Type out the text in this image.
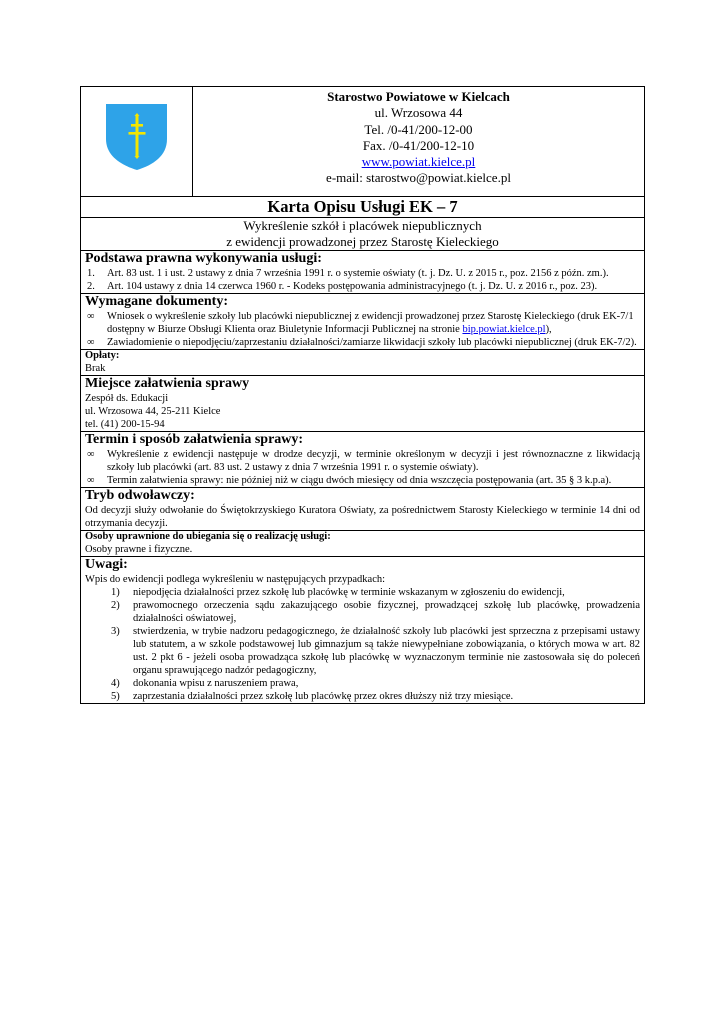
Starostwo Powiatowe w Kielcach
ul. Wrzosowa 44
Tel. /0-41/200-12-00
Fax. /0-41/200-12-10
www.powiat.kielce.pl
e-mail: starostwo@powiat.kielce.pl

Karta Opisu Usługi EK – 7

Wykreślenie szkół i placówek niepublicznych
z ewidencji prowadzonej przez Starostę Kieleckiego

Podstawa prawna wykonywania usługi:
1. Art. 83 ust. 1 i ust. 2 ustawy z dnia 7 września 1991 r. o systemie oświaty (t. j. Dz. U. z 2015 r., poz. 2156 z późn. zm.).
2. Art. 104 ustawy z dnia 14 czerwca 1960 r. - Kodeks postępowania administracyjnego (t. j. Dz. U. z 2016 r., poz. 23).

Wymagane dokumenty:
∞ Wniosek o wykreślenie szkoły lub placówki niepublicznej z ewidencji prowadzonej przez Starostę Kieleckiego (druk EK-7/1 dostępny w Biurze Obsługi Klienta oraz Biuletynie Informacji Publicznej na stronie bip.powiat.kielce.pl),
∞ Zawiadomienie o niepodjęciu/zaprzestaniu działalności/zamiarze likwidacji szkoły lub placówki niepublicznej (druk EK-7/2).

Opłaty:
Brak

Miejsce załatwienia sprawy
Zespół ds. Edukacji
ul. Wrzosowa 44, 25-211 Kielce
tel. (41) 200-15-94

Termin i sposób załatwienia sprawy:
∞ Wykreślenie z ewidencji następuje w drodze decyzji, w terminie określonym w decyzji i jest równoznaczne z likwidacją szkoły lub placówki (art. 83 ust. 2 ustawy z dnia 7 września 1991 r. o systemie oświaty).
∞ Termin załatwienia sprawy: nie później niż w ciągu dwóch miesięcy od dnia wszczęcia postępowania (art. 35 § 3 k.p.a).

Tryb odwoławczy:
Od decyzji służy odwołanie do Świętokrzyskiego Kuratora Oświaty, za pośrednictwem Starosty Kieleckiego w terminie 14 dni od otrzymania decyzji.

Osoby uprawnione do ubiegania się o realizację usługi:
Osoby prawne i fizyczne.

Uwagi:
Wpis do ewidencji podlega wykreśleniu w następujących przypadkach:
1) niepodjęcia działalności przez szkołę lub placówkę w terminie wskazanym w zgłoszeniu do ewidencji,
2) prawomocnego orzeczenia sądu zakazującego osobie fizycznej, prowadzącej szkołę lub placówkę, prowadzenia działalności oświatowej,
3) stwierdzenia, w trybie nadzoru pedagogicznego, że działalność szkoły lub placówki jest sprzeczna z przepisami ustawy lub statutem, a w szkole podstawowej lub gimnazjum są także niewypełniane zobowiązania, o których mowa w art. 82 ust. 2 pkt 6 - jeżeli osoba prowadząca szkołę lub placówkę w wyznaczonym terminie nie zastosowała się do poleceń organu sprawującego nadzór pedagogiczny,
4) dokonania wpisu z naruszeniem prawa,
5) zaprzestania działalności przez szkołę lub placówkę przez okres dłuższy niż trzy miesiące.
